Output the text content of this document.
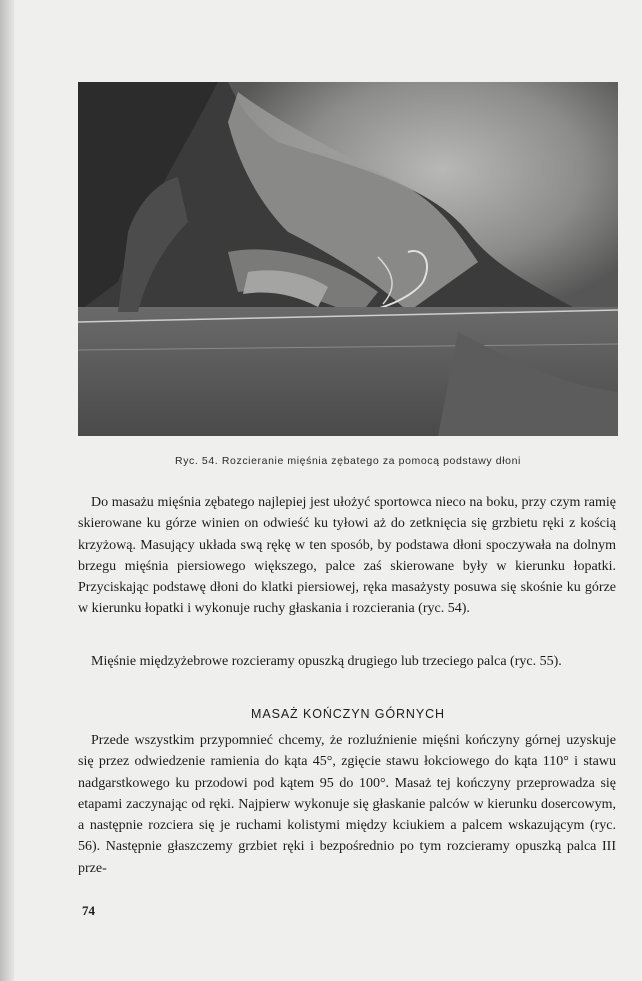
Ryc. 54. Rozcieranie mięśnia zębatego za pomocą podstawy dłoni

Do masażu mięśnia zębatego najlepiej jest ułożyć sportowca nieco na boku, przy czym ramię skierowane ku górze winien on odwieść ku tyłowi aż do zetknięcia się grzbietu ręki z kością krzyżową. Masujący układa swą rękę w ten sposób, by podstawa dłoni spoczywała na dolnym brzegu mięśnia piersiowego większego, palce zaś skierowane były w kierunku łopatki. Przyciskając podstawę dłoni do klatki piersiowej, ręka masażysty posuwa się skośnie ku górze w kierunku łopatki i wykonuje ruchy głaskania i rozcierania (ryc. 54).

Mięśnie międzyżebrowe rozcieramy opuszką drugiego lub trzeciego palca (ryc. 55).

MASAŻ KOŃCZYN GÓRNYCH

Przede wszystkim przypomnieć chcemy, że rozluźnienie mięśni kończyny górnej uzyskuje się przez odwiedzenie ramienia do kąta 45°, zgięcie stawu łokciowego do kąta 110° i stawu nadgarstkowego ku przodowi pod kątem 95 do 100°. Masaż tej kończyny przeprowadza się etapami zaczynając od ręki. Najpierw wykonuje się głaskanie palców w kierunku dosercowym, a następnie rozciera się je ruchami kolistymi między kciukiem a palcem wskazującym (ryc. 56). Następnie głaszczemy grzbiet ręki i bezpośrednio po tym rozcieramy opuszką palca III prze-

74
